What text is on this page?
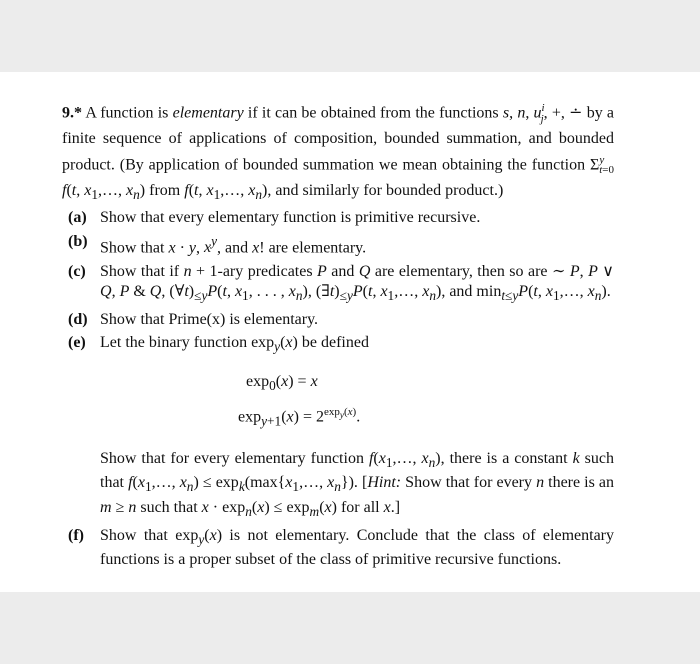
9.* A function is elementary if it can be obtained from the functions s, n, $u^i_j$, +, ∸ by a finite sequence of applications of composition, bounded summation, and bounded product. (By application of bounded summation we mean obtaining the function $\Sigma^y_{t=0}$ f(t, $x_1,\dots$, $x_n$) from f(t, $x_1,\dots$, $x_n$), and similarly for bounded product.)
(a) Show that every elementary function is primitive recursive.
(b) Show that x · y, $x^y$, and x! are elementary.
(c) Show that if n + 1-ary predicates P and Q are elementary, then so are ∼ P, P ∨ Q, P & Q, $(\forall t)_{\le y}P(t$, $x_1$, . . . , $x_n$), $(\exists t)_{\le y}P(t$, $x_1,\dots$, $x_n$), and $\min_{t\le y}P(t$, $x_1,\dots$, $x_n$).
(d) Show that Prime(x) is elementary.
(e) Let the binary function $\exp_y(x)$ be defined
$\exp_0(x) = x$
$\exp_{y+1}(x) = 2^{exp_y(x)}$.
Show that for every elementary function $f(x_1,\dots$, $x_n$), there is a constant k such that $f(x_1,\dots$, $x_n$) ≤ $\exp_k(\max\{x_1,\dots$, $x_n$}). [Hint: Show that for every n there is an m ≥ n such that $x \cdot \exp_n(x) \le \exp_m(x)$ for all x.]
(f)	Show that $\exp_y(x)$ is not elementary. Conclude that the class of elementary functions is a proper subset of the class of primitive recursive functions.
